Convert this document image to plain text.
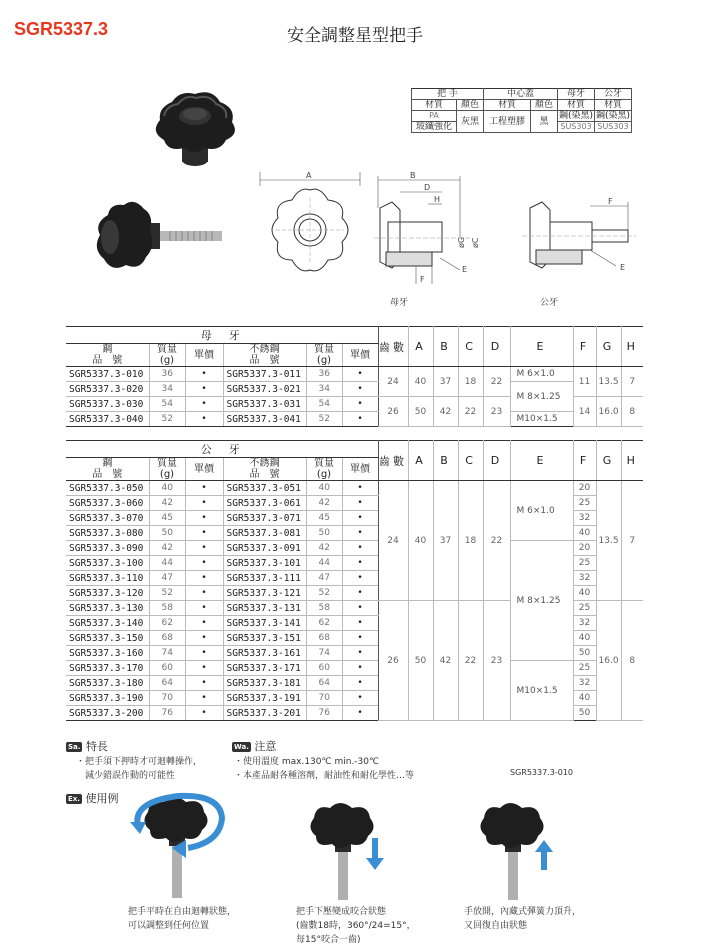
SGR5337.3	安全調整星型把手
A	B
D
H
øG øC
F
E
母牙
F
E
公牙
把 手		中心蓋		母牙	公牙
材質	顏色	材質	顏色	材質	材質
PA	灰黑	工程塑膠	黑	鋼(染黑)	鋼(染黑)
玻纖強化				SUS303	SUS303
母　牙						齒數	A	B	C	D	E	F	G	H
鋼
品　號	質量
(g)	單價	不銹鋼
品　號	質量
(g)	單價									
SGR5337.3-010	36	•	SGR5337.3-011	36	•	24	40	37	18	22	M 6×1.0	11	13.5	7
SGR5337.3-020	34	•	SGR5337.3-021	34	•						M 8×1.25			
SGR5337.3-030	54	•	SGR5337.3-031	54	•	26	50	42	22	23		14	16.0	8
SGR5337.3-040	52	•	SGR5337.3-041	52	•						M10×1.5			
公　牙						齒數	A	B	C	D	E	F	G	H
鋼
品　號	質量
(g)	單價	不銹鋼
品　號	質量
(g)	單價									
SGR5337.3-050	40	•	SGR5337.3-051	40	•	24	40	37	18	22	M 6×1.0	20	13.5	7
SGR5337.3-060	42	•	SGR5337.3-061	42	•							25		
SGR5337.3-070	45	•	SGR5337.3-071	45	•							32		
SGR5337.3-080	50	•	SGR5337.3-081	50	•							40		
SGR5337.3-090	42	•	SGR5337.3-091	42	•						M 8×1.25	20		
SGR5337.3-100	44	•	SGR5337.3-101	44	•							25		
SGR5337.3-110	47	•	SGR5337.3-111	47	•							32		
SGR5337.3-120	52	•	SGR5337.3-121	52	•							40		
SGR5337.3-130	58	•	SGR5337.3-131	58	•	26	50	42	22	23		25	16.0	8
SGR5337.3-140	62	•	SGR5337.3-141	62	•							32		
SGR5337.3-150	68	•	SGR5337.3-151	68	•							40		
SGR5337.3-160	74	•	SGR5337.3-161	74	•							50		
SGR5337.3-170	60	•	SGR5337.3-171	60	•						M10×1.5	25		
SGR5337.3-180	64	•	SGR5337.3-181	64	•							32		
SGR5337.3-190	70	•	SGR5337.3-191	70	•							40		
SGR5337.3-200	76	•	SGR5337.3-201	76	•							50		
Sa. 特長
・把手須下押時才可迴轉操作，
　減少錯誤作動的可能性
Wa. 注意
・使用溫度 max.130℃ min.-30℃
・本產品耐各種溶劑，耐油性和耐化學性…等	SGR5337.3-010
Ex. 使用例
把手平時在自由迴轉狀態，
可以調整到任何位置
把手下壓變成咬合狀態
(齒數18時，360°/24=15°，
每15°咬合一齒)
手放開，內藏式彈簧力頂升，
又回復自由狀態
